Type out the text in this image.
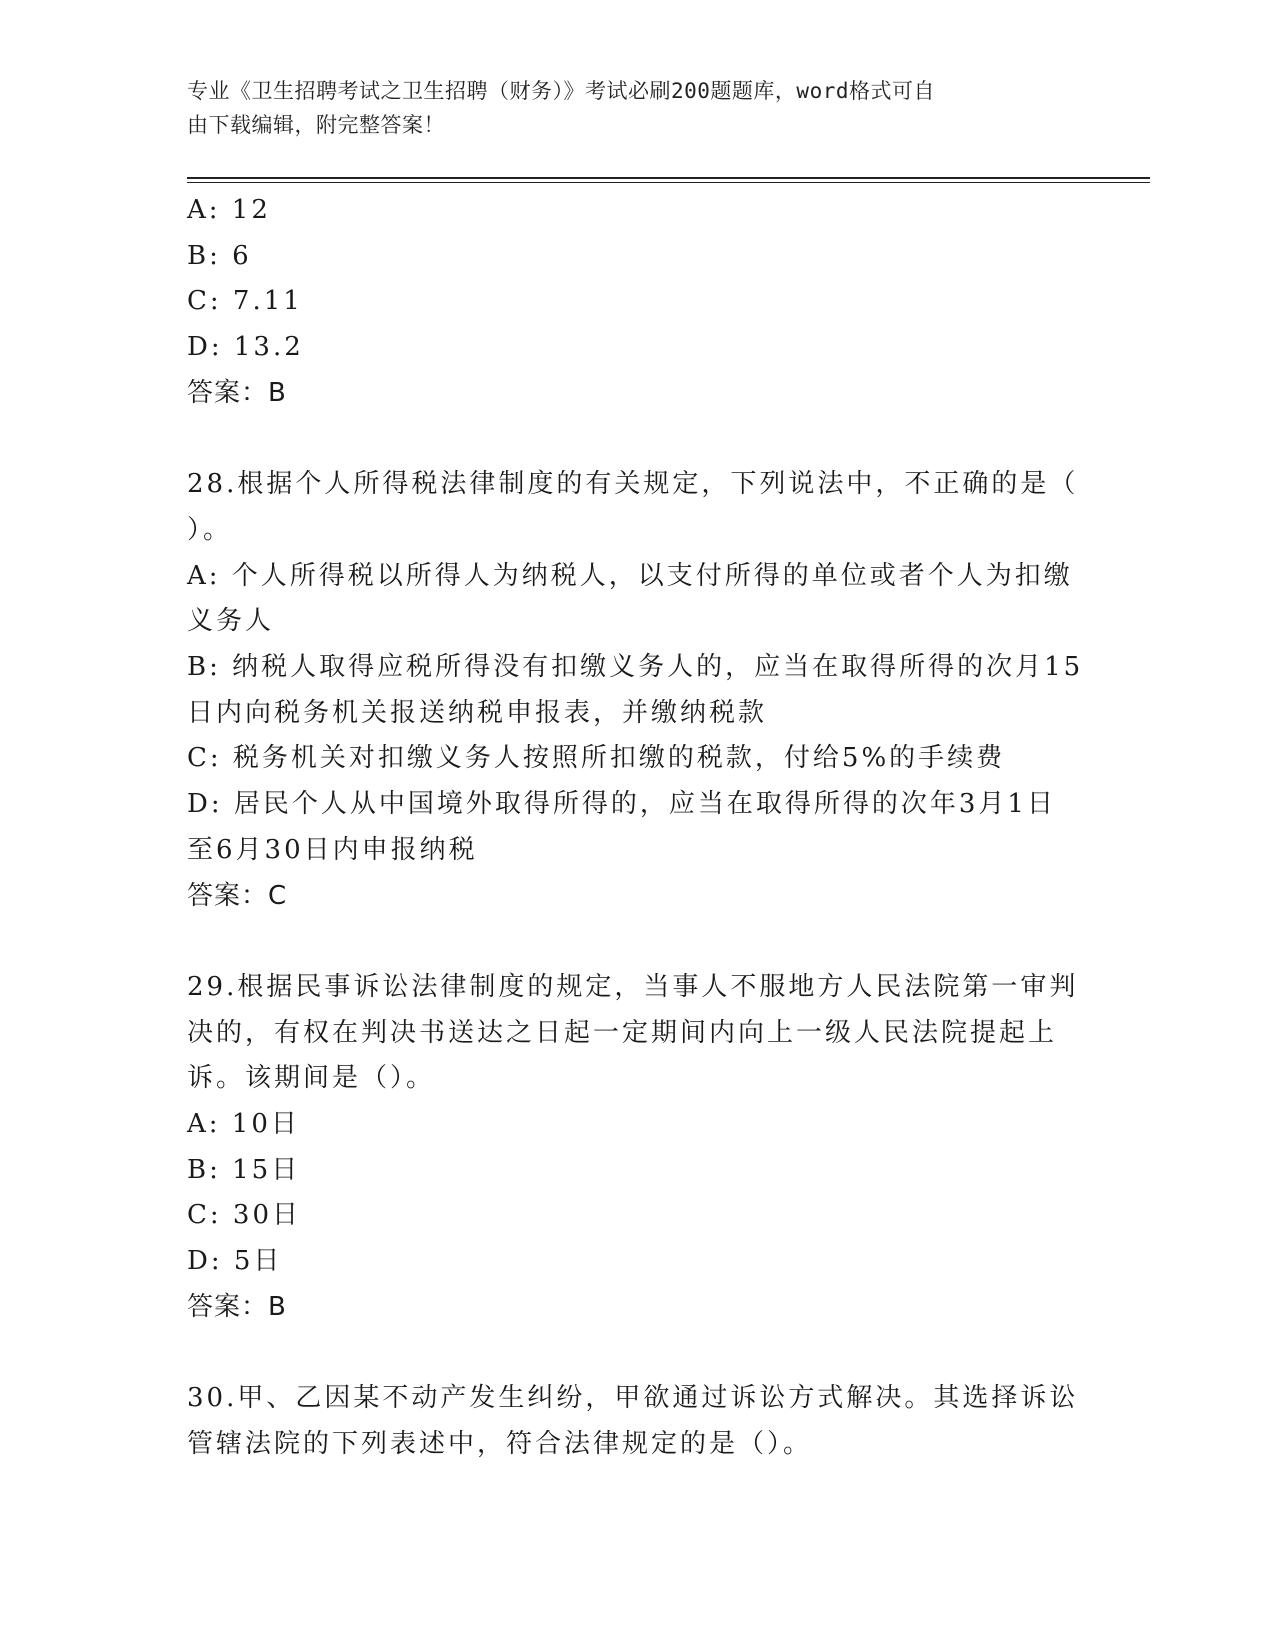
专业《卫生招聘考试之卫生招聘（财务）》考试必刷200题题库，word格式可自
由下载编辑，附完整答案！

A: 12

B: 6

C: 7.11

D: 13.2

答案：B

28.根据个人所得税法律制度的有关规定，下列说法中，不正确的是（

）。

A: 个人所得税以所得人为纳税人，以支付所得的单位或者个人为扣缴

义务人

B: 纳税人取得应税所得没有扣缴义务人的，应当在取得所得的次月15

日内向税务机关报送纳税申报表，并缴纳税款

C: 税务机关对扣缴义务人按照所扣缴的税款，付给5%的手续费

D: 居民个人从中国境外取得所得的，应当在取得所得的次年3月1日

至6月30日内申报纳税

答案：C

29.根据民事诉讼法律制度的规定，当事人不服地方人民法院第一审判

决的，有权在判决书送达之日起一定期间内向上一级人民法院提起上

诉。该期间是（）。

A: 10日

B: 15日

C: 30日

D: 5日

答案：B

30.甲、乙因某不动产发生纠纷，甲欲通过诉讼方式解决。其选择诉讼

管辖法院的下列表述中，符合法律规定的是（）。
